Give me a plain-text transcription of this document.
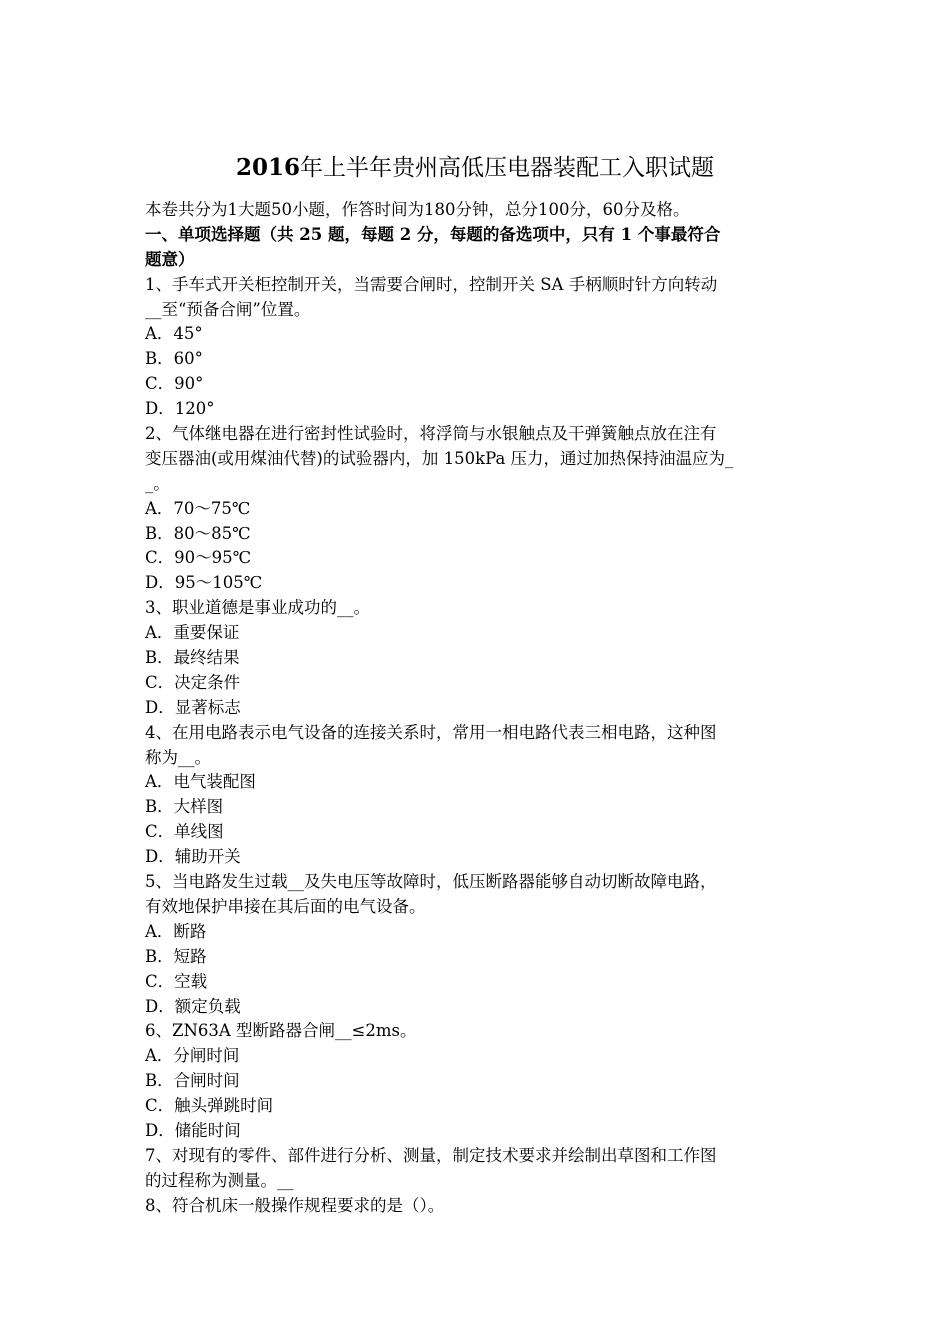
2016年上半年贵州高低压电器装配工入职试题
本卷共分为1大题50小题，作答时间为180分钟，总分100分，60分及格。
一、单项选择题（共 25 题，每题 2 分，每题的备选项中，只有 1 个事最符合
题意）
1、手车式开关柜控制开关，当需要合闸时，控制开关 SA 手柄顺时针方向转动
__至“预备合闸”位置。
A．45°
B．60°
C．90°
D．120°
2、气体继电器在进行密封性试验时，将浮筒与水银触点及干弹簧触点放在注有
变压器油(或用煤油代替)的试验器内，加 150kPa 压力，通过加热保持油温应为_
_。
A．70～75℃
B．80～85℃
C．90～95℃
D．95～105℃
3、职业道德是事业成功的__。
A．重要保证
B．最终结果
C．决定条件
D．显著标志
4、在用电路表示电气设备的连接关系时，常用一相电路代表三相电路，这种图
称为__。
A．电气装配图
B．大样图
C．单线图
D．辅助开关
5、当电路发生过载__及失电压等故障时，低压断路器能够自动切断故障电路，
有效地保护串接在其后面的电气设备。
A．断路
B．短路
C．空载
D．额定负载
6、ZN63A 型断路器合闸__≤2ms。
A．分闸时间
B．合闸时间
C．触头弹跳时间
D．储能时间
7、对现有的零件、部件进行分析、测量，制定技术要求并绘制出草图和工作图
的过程称为测量。__
8、符合机床一般操作规程要求的是（）。
